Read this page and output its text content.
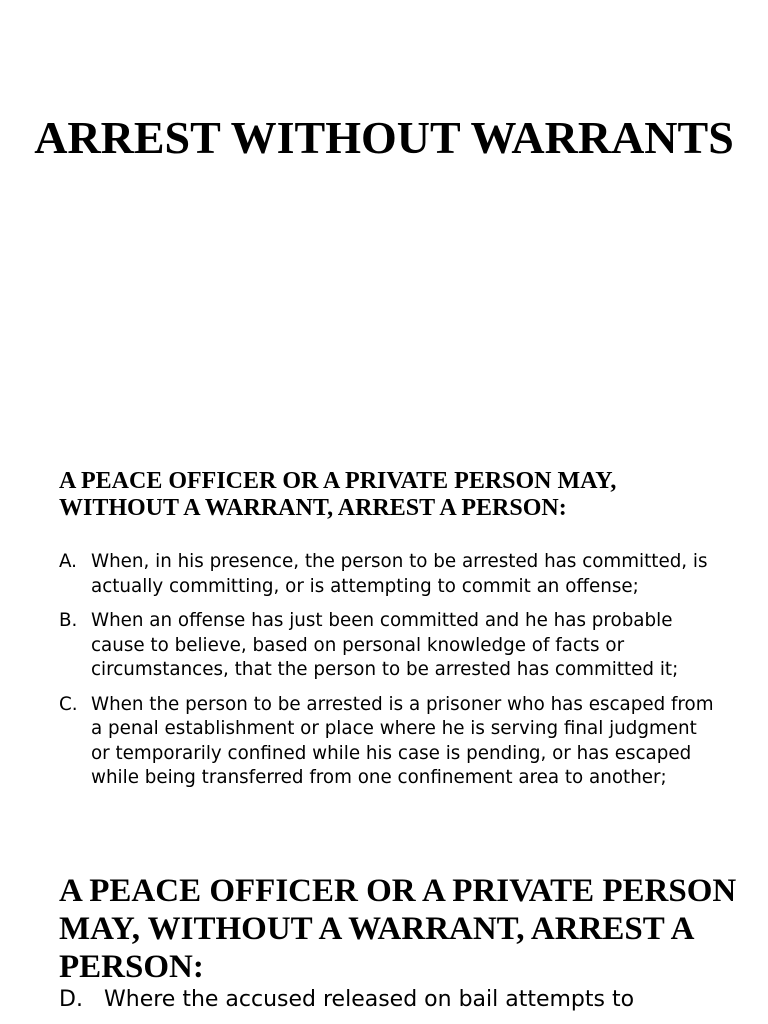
ARREST WITHOUT WARRANTS
A PEACE OFFICER OR A PRIVATE PERSON MAY, WITHOUT A WARRANT, ARREST A PERSON:
A. When, in his presence, the person to be arrested has committed, is actually committing, or is attempting to commit an offense;
B. When an offense has just been committed and he has probable cause to believe, based on personal knowledge of facts or circumstances, that the person to be arrested has committed it;
C. When the person to be arrested is a prisoner who has escaped from a penal establishment or place where he is serving final judgment or temporarily confined while his case is pending, or has escaped while being transferred from one confinement area to another;
A PEACE OFFICER OR A PRIVATE PERSON MAY, WITHOUT A WARRANT, ARREST A PERSON:
D. Where the accused released on bail attempts to
